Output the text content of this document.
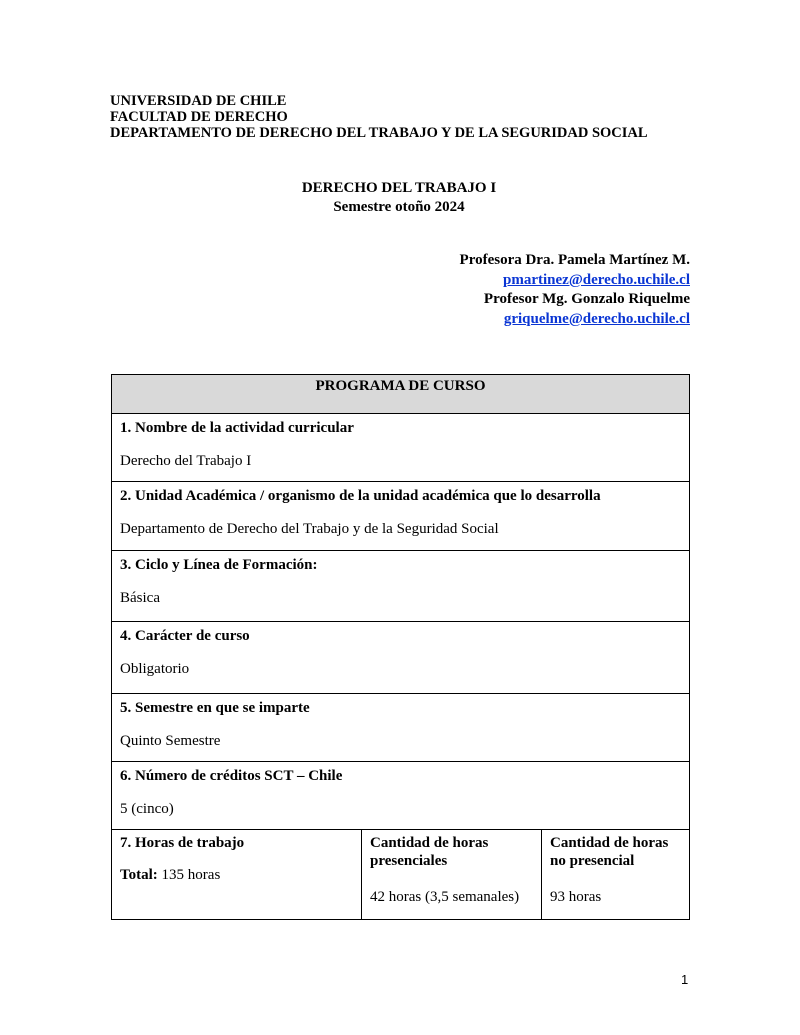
UNIVERSIDAD DE CHILE
FACULTAD DE DERECHO
DEPARTAMENTO DE DERECHO DEL TRABAJO Y DE LA SEGURIDAD SOCIAL
DERECHO DEL TRABAJO I
Semestre otoño 2024
Profesora Dra. Pamela Martínez M.
pmartinez@derecho.uchile.cl
Profesor Mg. Gonzalo Riquelme
griquelme@derecho.uchile.cl
PROGRAMA DE CURSO

1. Nombre de la actividad curricular
Derecho del Trabajo I

2. Unidad Académica / organismo de la unidad académica que lo desarrolla
Departamento de Derecho del Trabajo y de la Seguridad Social

3. Ciclo y Línea de Formación:
Básica

4. Carácter de curso
Obligatorio

5. Semestre en que se imparte
Quinto Semestre

6. Número de créditos SCT – Chile
5 (cinco)

7. Horas de trabajo
Total: 135 horas

Cantidad de horas presenciales
42 horas (3,5 semanales)

Cantidad de horas no presencial
93 horas
1
